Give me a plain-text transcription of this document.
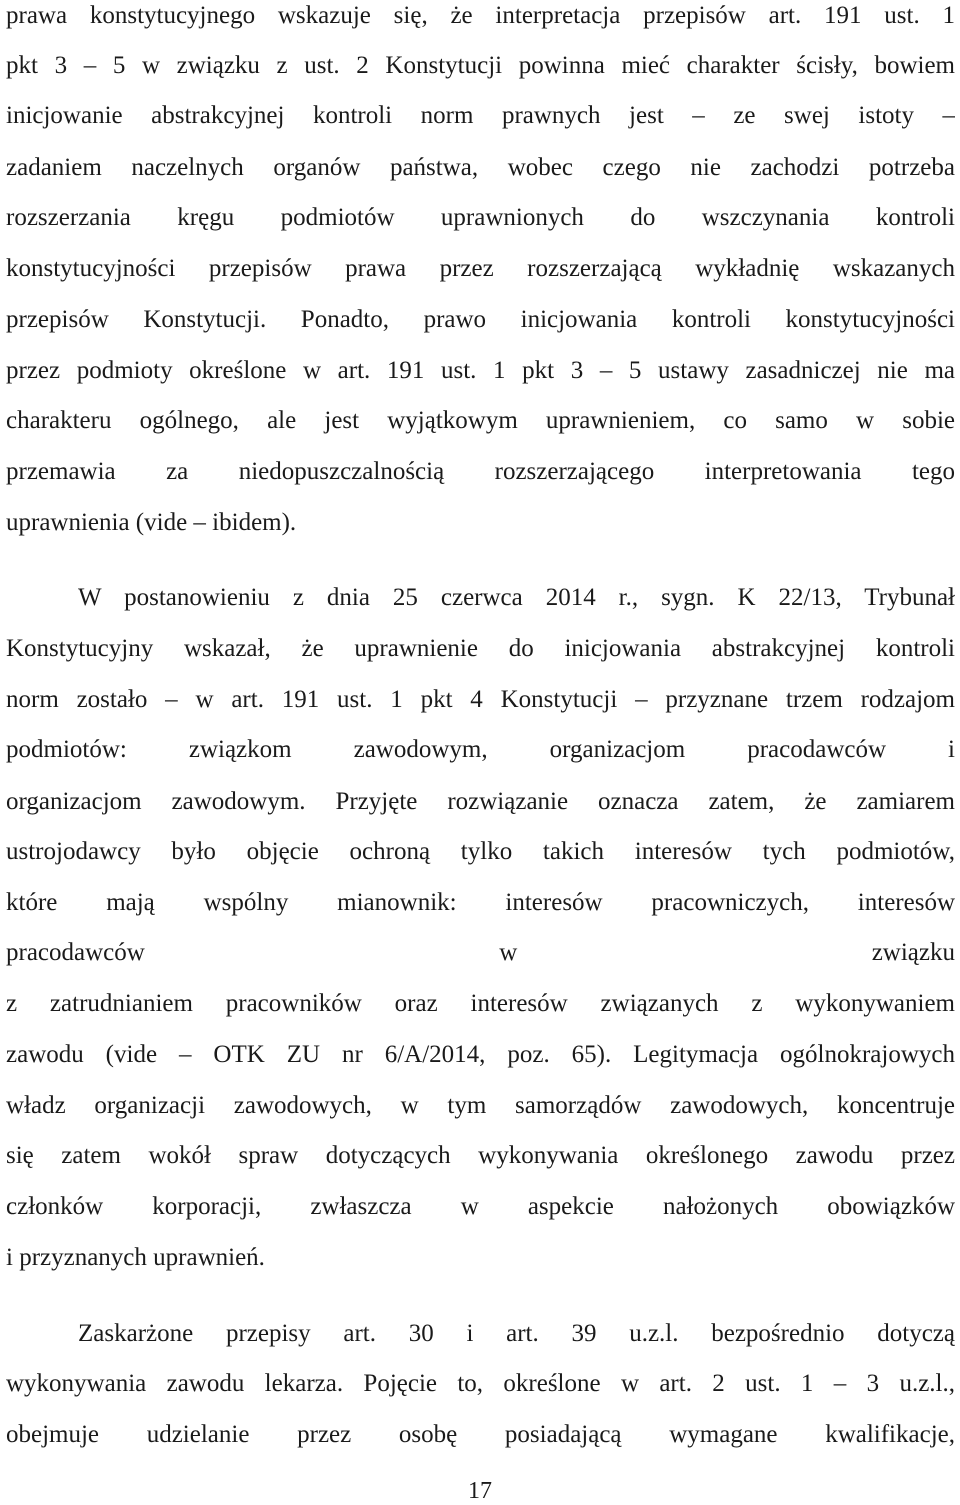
prawa konstytucyjnego wskazuje się, że interpretacja przepisów art. 191 ust. 1
pkt 3 – 5 w związku z ust. 2 Konstytucji powinna mieć charakter ścisły, bowiem
inicjowanie abstrakcyjnej kontroli norm prawnych jest – ze swej istoty –
zadaniem naczelnych organów państwa, wobec czego nie zachodzi potrzeba
rozszerzania kręgu podmiotów uprawnionych do wszczynania kontroli
konstytucyjności przepisów prawa przez rozszerzającą wykładnię wskazanych
przepisów Konstytucji. Ponadto, prawo inicjowania kontroli konstytucyjności
przez podmioty określone w art. 191 ust. 1 pkt 3 – 5 ustawy zasadniczej nie ma
charakteru ogólnego, ale jest wyjątkowym uprawnieniem, co samo w sobie
przemawia za niedopuszczalnością rozszerzającego interpretowania tego
uprawnienia (vide – ibidem).
W postanowieniu z dnia 25 czerwca 2014 r., sygn. K 22/13, Trybunał
Konstytucyjny wskazał, że uprawnienie do inicjowania abstrakcyjnej kontroli
norm zostało – w art. 191 ust. 1 pkt 4 Konstytucji – przyznane trzem rodzajom
podmiotów: związkom zawodowym, organizacjom pracodawców i
organizacjom zawodowym. Przyjęte rozwiązanie oznacza zatem, że zamiarem
ustrojodawcy było objęcie ochroną tylko takich interesów tych podmiotów,
które mają wspólny mianownik: interesów pracowniczych, interesów
pracodawców w związku
z zatrudnianiem pracowników oraz interesów związanych z wykonywaniem
zawodu (vide – OTK ZU nr 6/A/2014, poz. 65). Legitymacja ogólnokrajowych
władz organizacji zawodowych, w tym samorządów zawodowych, koncentruje
się zatem wokół spraw dotyczących wykonywania określonego zawodu przez
członków korporacji, zwłaszcza w aspekcie nałożonych obowiązków
i przyznanych uprawnień.
Zaskarżone przepisy art. 30 i art. 39 u.z.l. bezpośrednio dotyczą
wykonywania zawodu lekarza. Pojęcie to, określone w art. 2 ust. 1 – 3 u.z.l.,
obejmuje udzielanie przez osobę posiadającą wymagane kwalifikacje,
17
